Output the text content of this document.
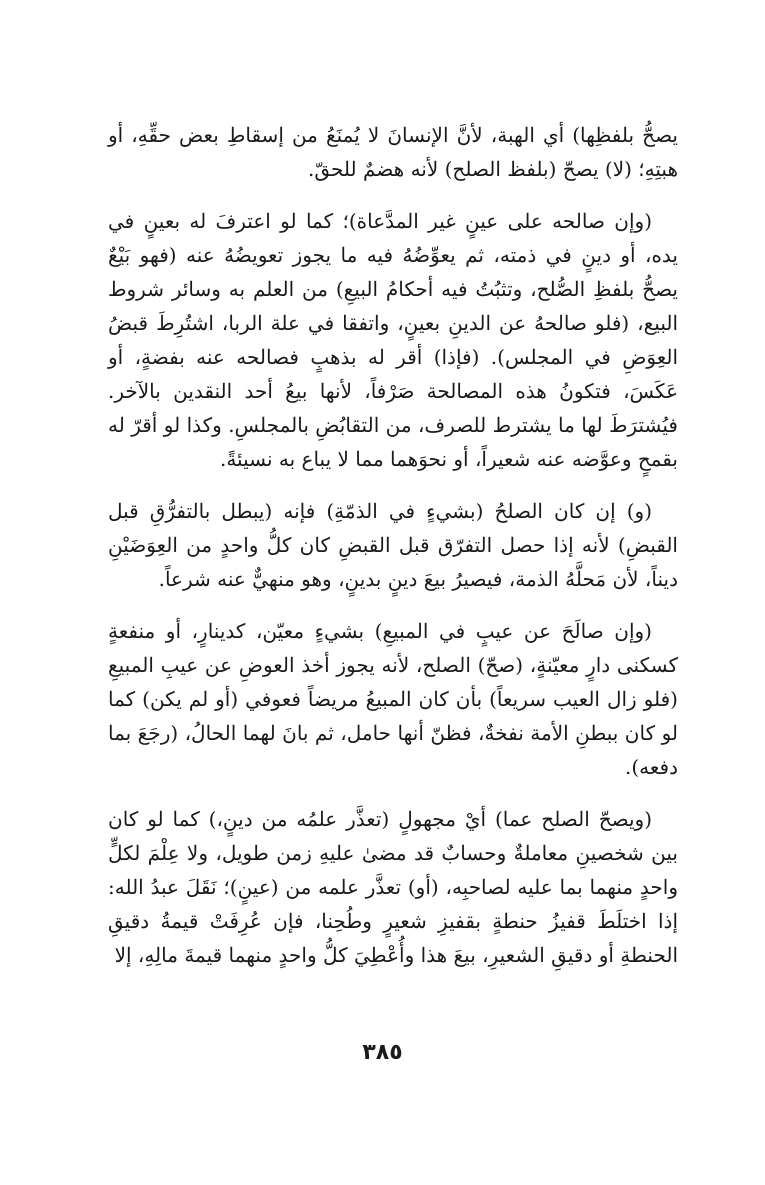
يصحُّ بلفظِها) أي الهبة، لأنَّ الإنسانَ لا يُمنَعُ من إسقاطِ بعض حقِّهِ، أو هبتِهِ؛ (لا) يصحّ (بلفظ الصلح) لأنه هضمٌ للحقّ.

(وإن صالحه على عينٍ غير المدَّعاة)؛ كما لو اعترفَ له بعينٍ في يده، أو دينٍ في ذمته، ثم يعوِّضُهُ فيه ما يجوز تعويضُهُ عنه (فهو بَيْعٌ يصحُّ بلفظِ الصُّلح، وتثبُتُ فيه أحكامُ البيعِ) من العلم به وسائر شروط البيع، (فلو صالحهُ عن الدينِ بعينٍ، واتفقا في علة الربا، اشتُرِطَ قبضُ العِوَضِ في المجلس). (فإذا) أقر له بذهبٍ فصالحه عنه بفضةٍ، أو عَكَسَ، فتكونُ هذه المصالحة صَرْفاً، لأنها بيعُ أحد النقدين بالآخر. فيُشترَطَ لها ما يشترط للصرف، من التقابُضِ بالمجلسِ. وكذا لو أقرّ له بقمحٍ وعوَّضه عنه شعيراً، أو نحوَهما مما لا يباع به نسيئةً.

(و) إن كان الصلحُ (بشيءٍ في الذمّةِ) فإنه (يبطل بالتفرُّقِ قبل القبضِ) لأنه إذا حصل التفرّق قبل القبضِ كان كلُّ واحدٍ من العِوَضَيْنِ ديناً، لأن مَحلَّهُ الذمة، فيصيرُ بيعَ دينٍ بدينٍ، وهو منهيٌّ عنه شرعاً.

(وإن صالَحَ عن عيبٍ في المبيعِ) بشيءٍ معيّن، كدينارٍ، أو منفعةٍ كسكنى دارٍ معيّنةٍ، (صحّ) الصلح، لأنه يجوز أخذ العوضِ عن عيبِ المبيعِ (فلو زال العيب سريعاً) بأن كان المبيعُ مريضاً فعوفي (أو لم يكن) كما لو كان ببطنِ الأمة نفخةٌ، فظنّ أنها حامل، ثم بانَ لهما الحالُ، (رجَعَ بما دفعه).

(ويصحّ الصلح عما) أيْ مجهولٍ (تعذَّر علمُه من دينٍ،) كما لو كان بين شخصينِ معاملةٌ وحسابٌ قد مضىٰ عليهِ زمن طويل، ولا عِلْمَ لكلٍّ واحدٍ منهما بما عليه لصاحبِه، (أو) تعذَّر علمه من (عينٍ)؛ نَقَلَ عبدُ الله: إذا اختلَطَ قفيزُ حنطةٍ بقفيزِ شعيرٍ وطُحِنا، فإن عُرِفَتْ قيمةُ دقيقِ الحنطةِ أو دقيقِ الشعيرِ، بيعَ هذا وأُعْطِيَ كلُّ واحدٍ منهما قيمةَ مالِهِ، إلا

٣٨٥
